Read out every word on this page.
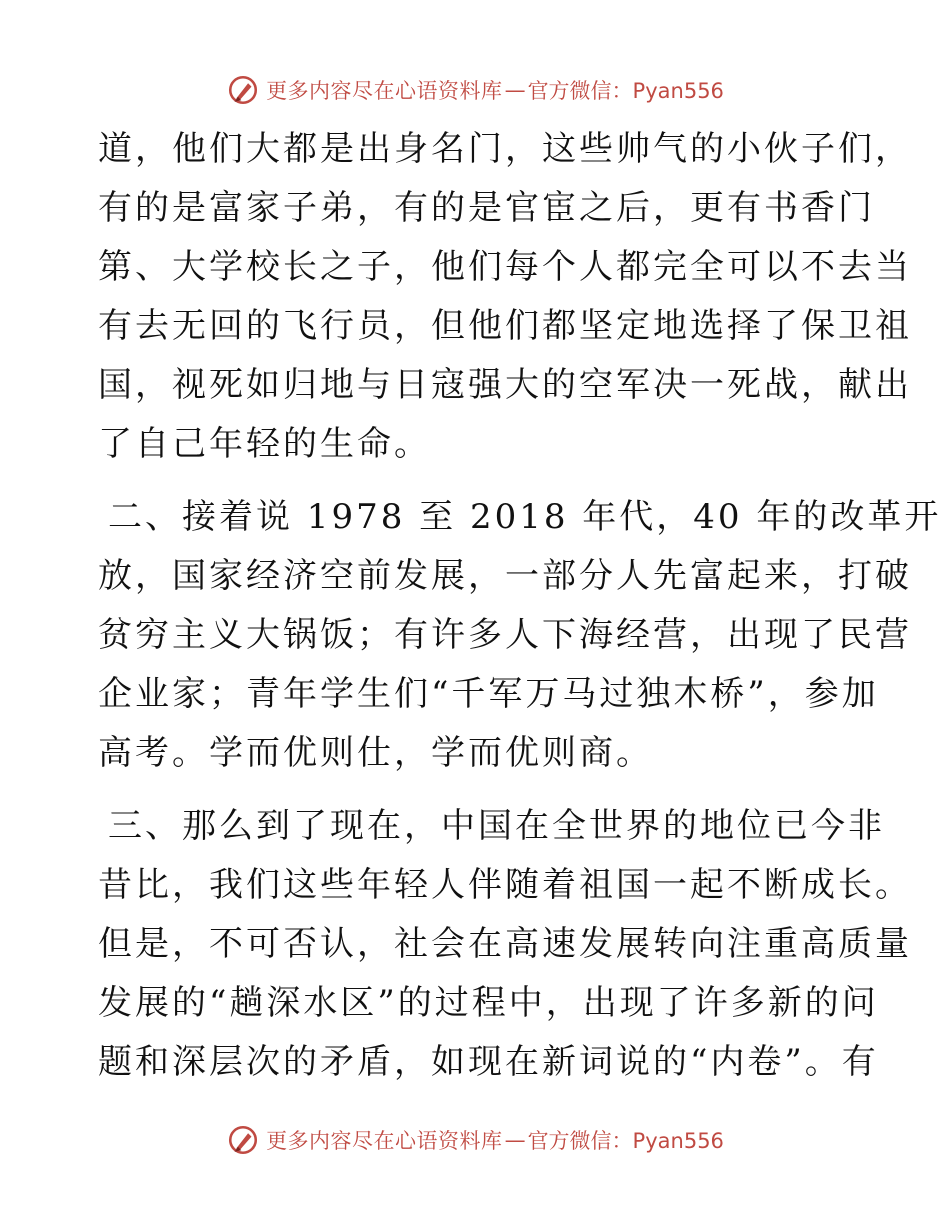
更多内容尽在心语资料库 — 官方微信：Pyan556
道，他们大都是出身名门，这些帅气的小伙子们，
有的是富家子弟，有的是官宦之后，更有书香门
第、大学校长之子，他们每个人都完全可以不去当
有去无回的飞行员，但他们都坚定地选择了保卫祖
国，视死如归地与日寇强大的空军决一死战，献出
了自己年轻的生命。
二、接着说 1978 至 2018 年代，40 年的改革开
放，国家经济空前发展，一部分人先富起来，打破
贫穷主义大锅饭；有许多人下海经营，出现了民营
企业家；青年学生们“千军万马过独木桥”，参加
高考。学而优则仕，学而优则商。
三、那么到了现在，中国在全世界的地位已今非
昔比，我们这些年轻人伴随着祖国一起不断成长。
但是，不可否认，社会在高速发展转向注重高质量
发展的“趟深水区”的过程中，出现了许多新的问
题和深层次的矛盾，如现在新词说的“内卷”。有
更多内容尽在心语资料库 — 官方微信：Pyan556
